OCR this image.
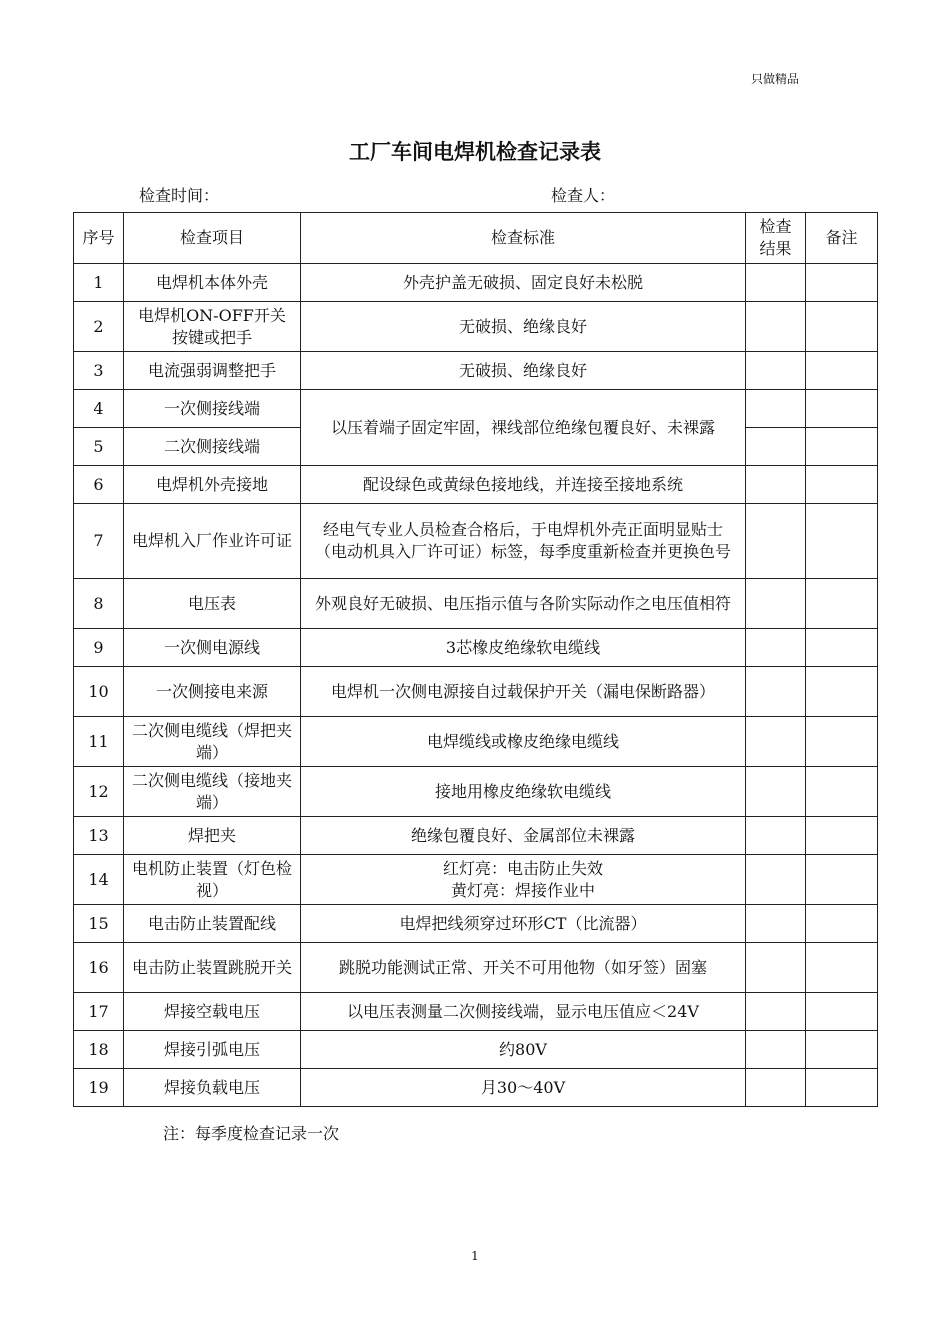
只做精品
工厂车间电焊机检查记录表
检查时间：	检查人：
序号	检查项目	检查标准	检查结果	备注
1	电焊机本体外壳	外壳护盖无破损、固定良好未松脱		
2	电焊机ON-OFF开关按键或把手	无破损、绝缘良好		
3	电流强弱调整把手	无破损、绝缘良好		
4	一次侧接线端	以压着端子固定牢固，裸线部位绝缘包覆良好、未裸露		
5	二次侧接线端			
6	电焊机外壳接地	配设绿色或黄绿色接地线，并连接至接地系统		
7	电焊机入厂作业许可证	经电气专业人员检查合格后，于电焊机外壳正面明显贴士（电动机具入厂许可证）标签，每季度重新检查并更换色号		
8	电压表	外观良好无破损、电压指示值与各阶实际动作之电压值相符		
9	一次侧电源线	3芯橡皮绝缘软电缆线		
10	一次侧接电来源	电焊机一次侧电源接自过载保护开关（漏电保断路器）		
11	二次侧电缆线（焊把夹端）	电焊缆线或橡皮绝缘电缆线		
12	二次侧电缆线（接地夹端）	接地用橡皮绝缘软电缆线		
13	焊把夹	绝缘包覆良好、金属部位未裸露		
14	电机防止装置（灯色检视）	红灯亮：电击防止失效
黄灯亮：焊接作业中		
15	电击防止装置配线	电焊把线须穿过环形CT（比流器）		
16	电击防止装置跳脱开关	跳脱功能测试正常、开关不可用他物（如牙签）固塞		
17	焊接空载电压	以电压表测量二次侧接线端，显示电压值应＜24V		
18	焊接引弧电压	约80V		
19	焊接负载电压	月30～40V		
注：每季度检查记录一次
1
